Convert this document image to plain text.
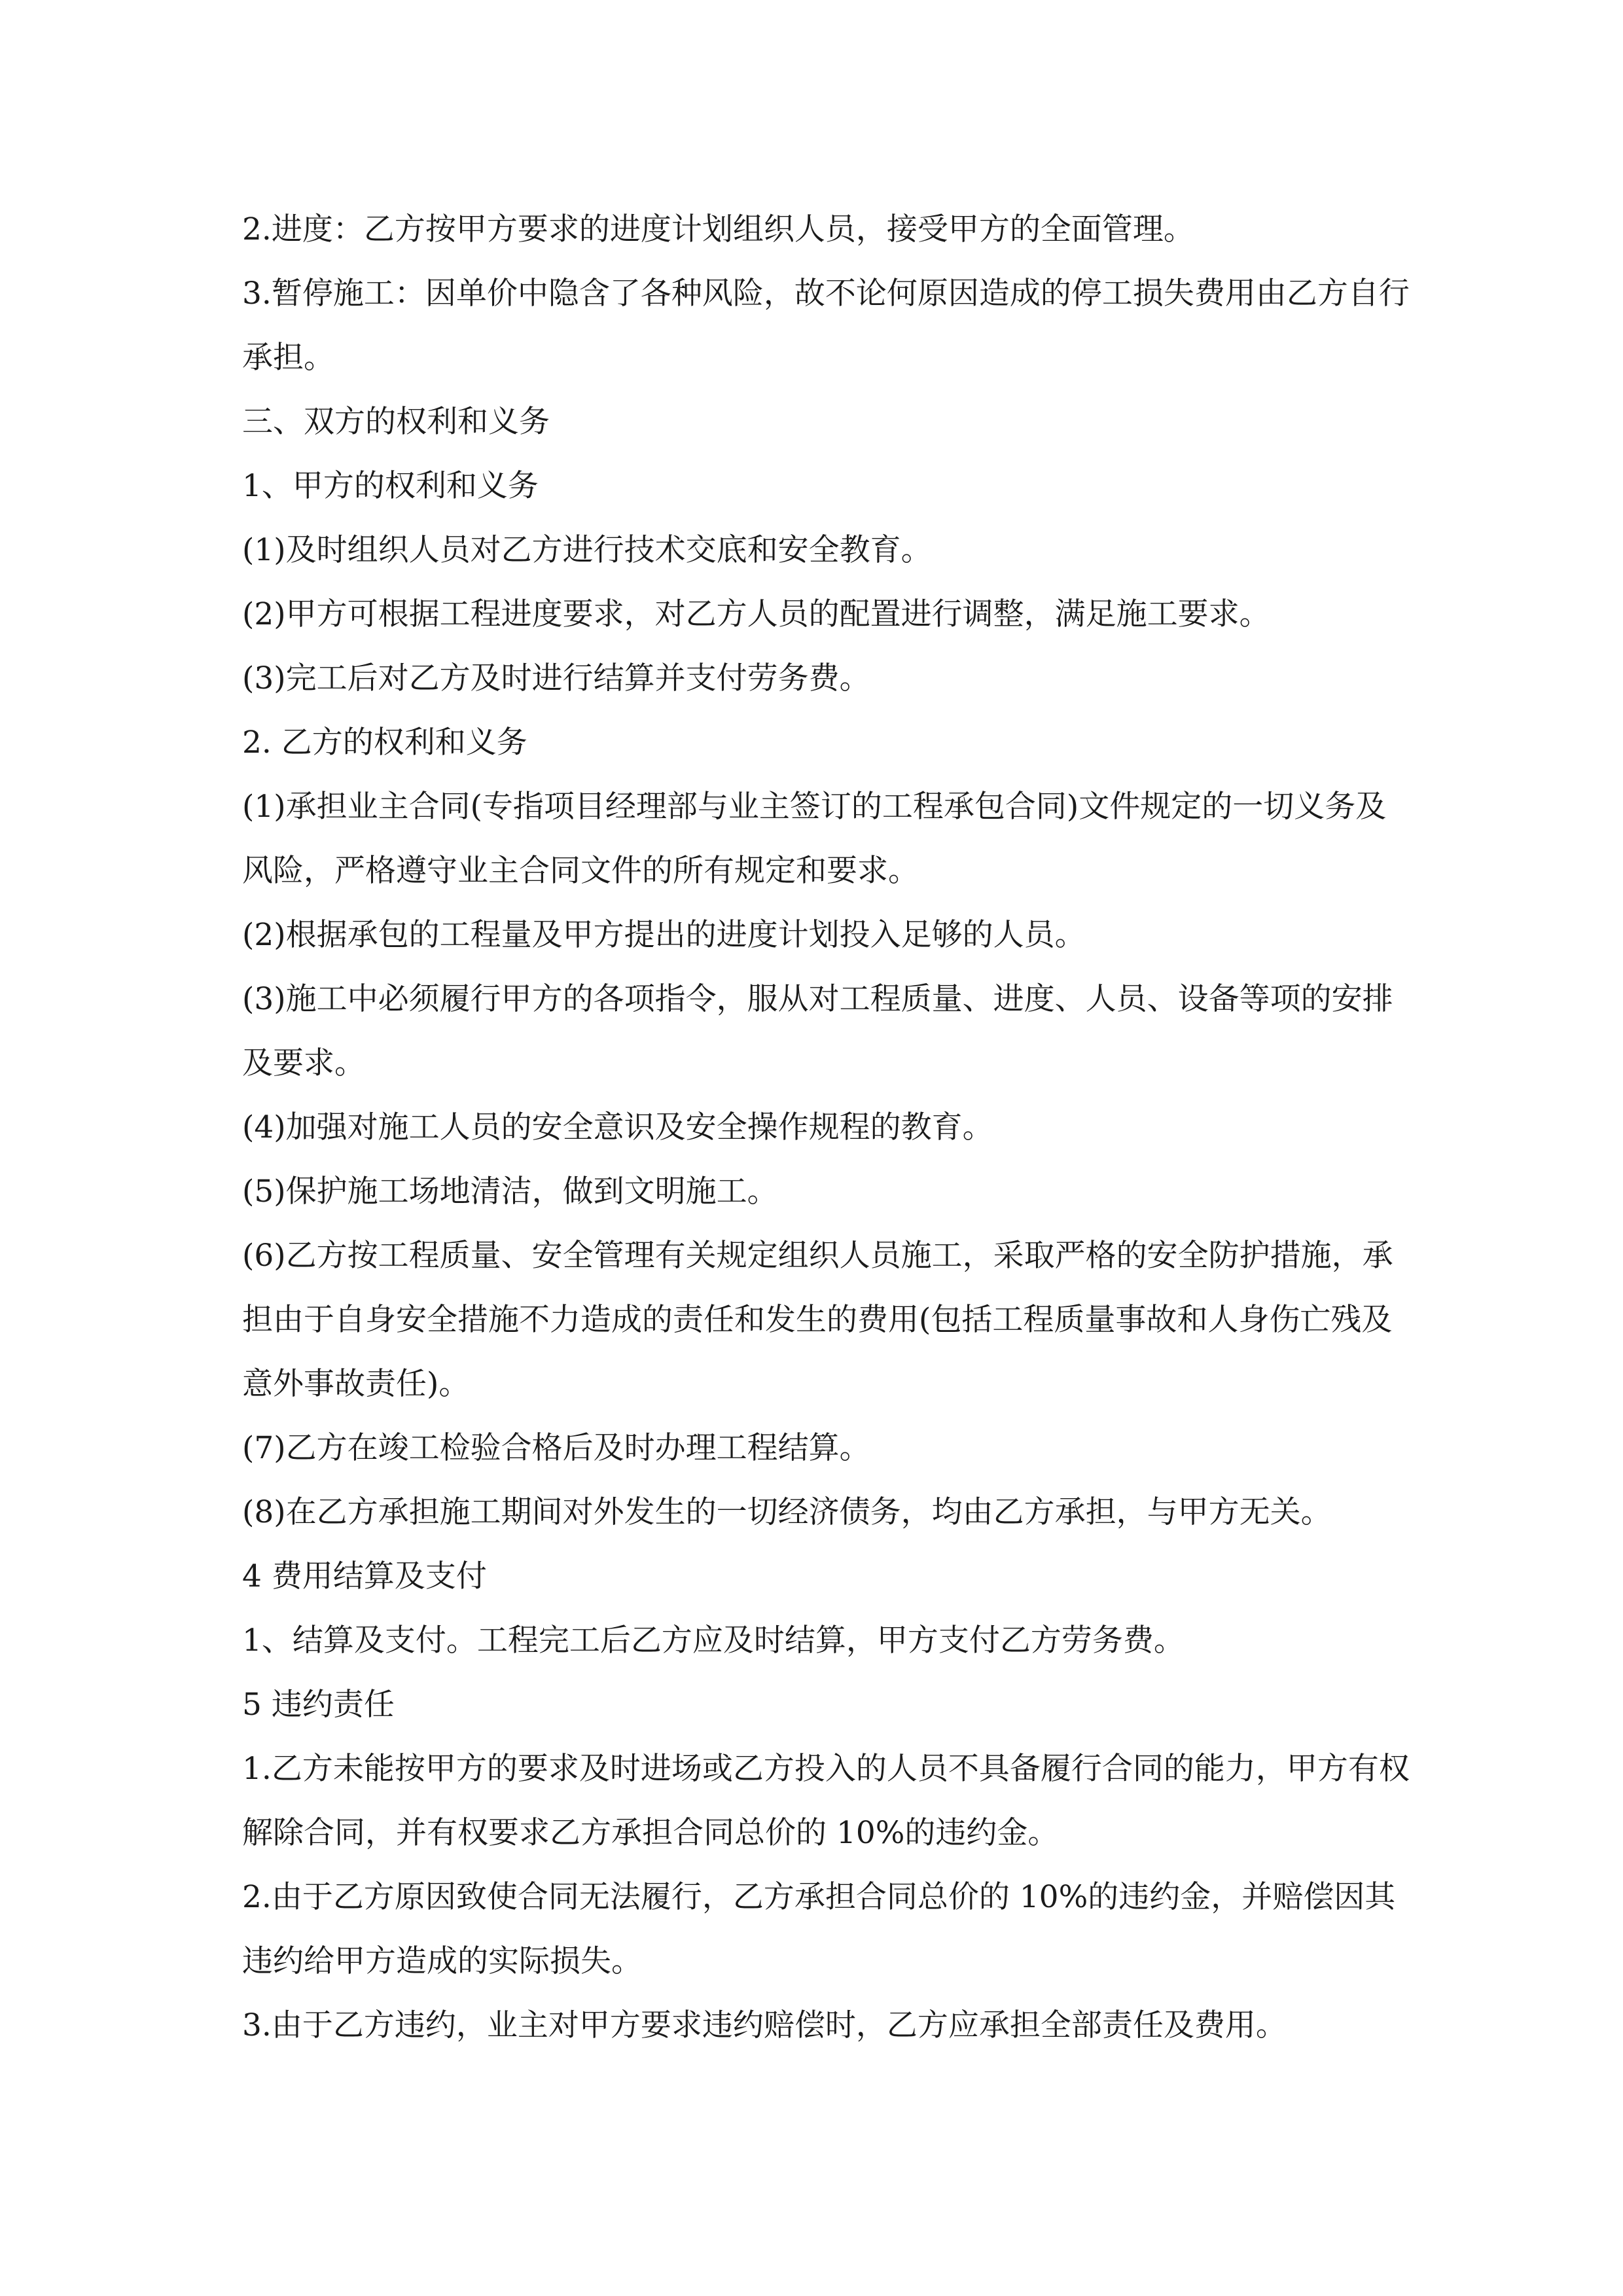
2.进度：乙方按甲方要求的进度计划组织人员，接受甲方的全面管理。

3.暂停施工：因单价中隐含了各种风险，故不论何原因造成的停工损失费用由乙方自行承担。

三、双方的权利和义务

1、甲方的权利和义务

(1)及时组织人员对乙方进行技术交底和安全教育。

(2)甲方可根据工程进度要求，对乙方人员的配置进行调整，满足施工要求。

(3)完工后对乙方及时进行结算并支付劳务费。

2. 乙方的权利和义务

(1)承担业主合同(专指项目经理部与业主签订的工程承包合同)文件规定的一切义务及风险，严格遵守业主合同文件的所有规定和要求。

(2)根据承包的工程量及甲方提出的进度计划投入足够的人员。

(3)施工中必须履行甲方的各项指令，服从对工程质量、进度、人员、设备等项的安排及要求。

(4)加强对施工人员的安全意识及安全操作规程的教育。

(5)保护施工场地清洁，做到文明施工。

(6)乙方按工程质量、安全管理有关规定组织人员施工，采取严格的安全防护措施，承担由于自身安全措施不力造成的责任和发生的费用(包括工程质量事故和人身伤亡残及意外事故责任)。

(7)乙方在竣工检验合格后及时办理工程结算。

(8)在乙方承担施工期间对外发生的一切经济债务，均由乙方承担，与甲方无关。

4 费用结算及支付

1、结算及支付。工程完工后乙方应及时结算，甲方支付乙方劳务费。

5 违约责任

1.乙方未能按甲方的要求及时进场或乙方投入的人员不具备履行合同的能力，甲方有权解除合同，并有权要求乙方承担合同总价的 10%的违约金。

2.由于乙方原因致使合同无法履行，乙方承担合同总价的 10%的违约金，并赔偿因其违约给甲方造成的实际损失。

3.由于乙方违约，业主对甲方要求违约赔偿时，乙方应承担全部责任及费用。
